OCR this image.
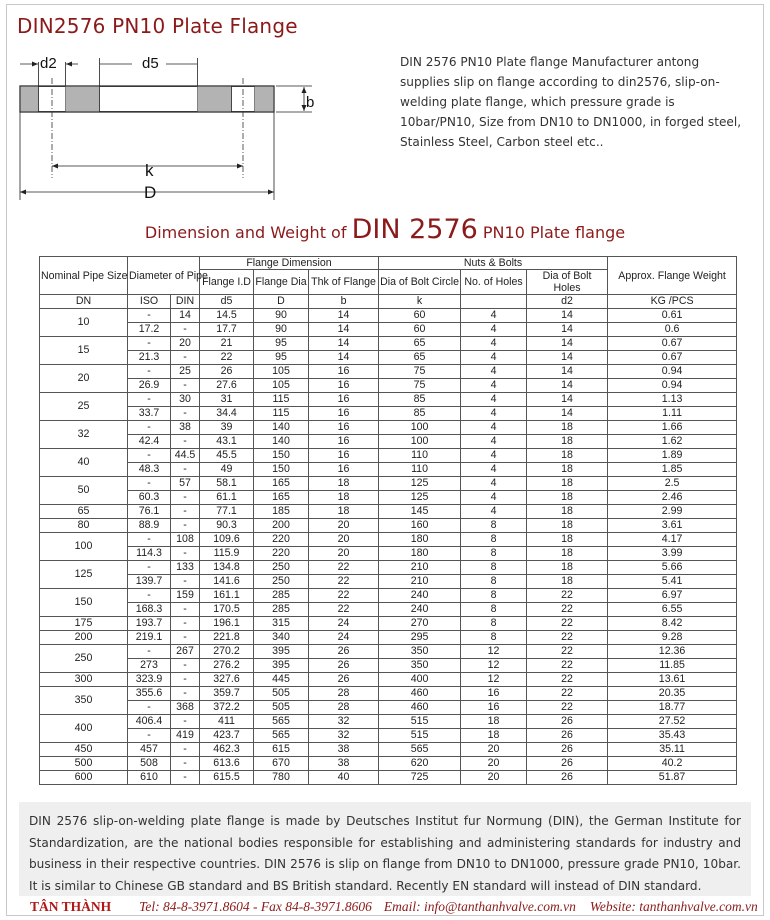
DIN2576 PN10 Plate Flange
d2	d5
b
k
D
DIN 2576 PN10 Plate flange Manufacturer antong supplies slip on flange according to din2576, slip-on-welding plate flange, which pressure grade is 10bar/PN10, Size from DN10 to DN1000, in forged steel, Stainless Steel, Carbon steel etc..
Dimension and Weight of DIN 2576 PN10 Plate flange
Nominal Pipe Size	Diameter of Pipe		Flange Dimension			Nuts & Bolts			Approx. Flange Weight
			Flange I.D	Flange Dia	Thk of Flange	Dia of Bolt Circle	No. of Holes	Dia of Bolt Holes	
DN	ISO	DIN	d5	D	b	k		d2	KG /PCS
10	-	14	14.5	90	14	60	4	14	0.61
	17.2	-	17.7	90	14	60	4	14	0.6
15	-	20	21	95	14	65	4	14	0.67
	21.3	-	22	95	14	65	4	14	0.67
20	-	25	26	105	16	75	4	14	0.94
	26.9	-	27.6	105	16	75	4	14	0.94
25	-	30	31	115	16	85	4	14	1.13
	33.7	-	34.4	115	16	85	4	14	1.11
32	-	38	39	140	16	100	4	18	1.66
	42.4	-	43.1	140	16	100	4	18	1.62
40	-	44.5	45.5	150	16	110	4	18	1.89
	48.3	-	49	150	16	110	4	18	1.85
50	-	57	58.1	165	18	125	4	18	2.5
	60.3	-	61.1	165	18	125	4	18	2.46
65	76.1	-	77.1	185	18	145	4	18	2.99
80	88.9	-	90.3	200	20	160	8	18	3.61
100	-	108	109.6	220	20	180	8	18	4.17
	114.3	-	115.9	220	20	180	8	18	3.99
125	-	133	134.8	250	22	210	8	18	5.66
	139.7	-	141.6	250	22	210	8	18	5.41
150	-	159	161.1	285	22	240	8	22	6.97
	168.3	-	170.5	285	22	240	8	22	6.55
175	193.7	-	196.1	315	24	270	8	22	8.42
200	219.1	-	221.8	340	24	295	8	22	9.28
250	-	267	270.2	395	26	350	12	22	12.36
	273	-	276.2	395	26	350	12	22	11.85
300	323.9	-	327.6	445	26	400	12	22	13.61
350	355.6	-	359.7	505	28	460	16	22	20.35
	-	368	372.2	505	28	460	16	22	18.77
400	406.4	-	411	565	32	515	18	26	27.52
	-	419	423.7	565	32	515	18	26	35.43
450	457	-	462.3	615	38	565	20	26	35.11
500	508	-	613.6	670	38	620	20	26	40.2
600	610	-	615.5	780	40	725	20	26	51.87
DIN 2576 slip-on-welding plate flange is made by Deutsches Institut fur Normung (DIN), the German Institute for Standardization, are the national bodies responsible for establishing and administering standards for industry and business in their respective countries. DIN 2576 is slip on flange from DN10 to DN1000, pressure grade PN10, 10bar. It is similar to Chinese GB standard and BS British standard. Recently EN standard will instead of DIN standard.
TÂN THÀNH Tel: 84-8-3971.8604 - Fax 84-8-3971.8606 Email: info@tanthanhvalve.com.vn Website: tanthanhvalve.com.vn
